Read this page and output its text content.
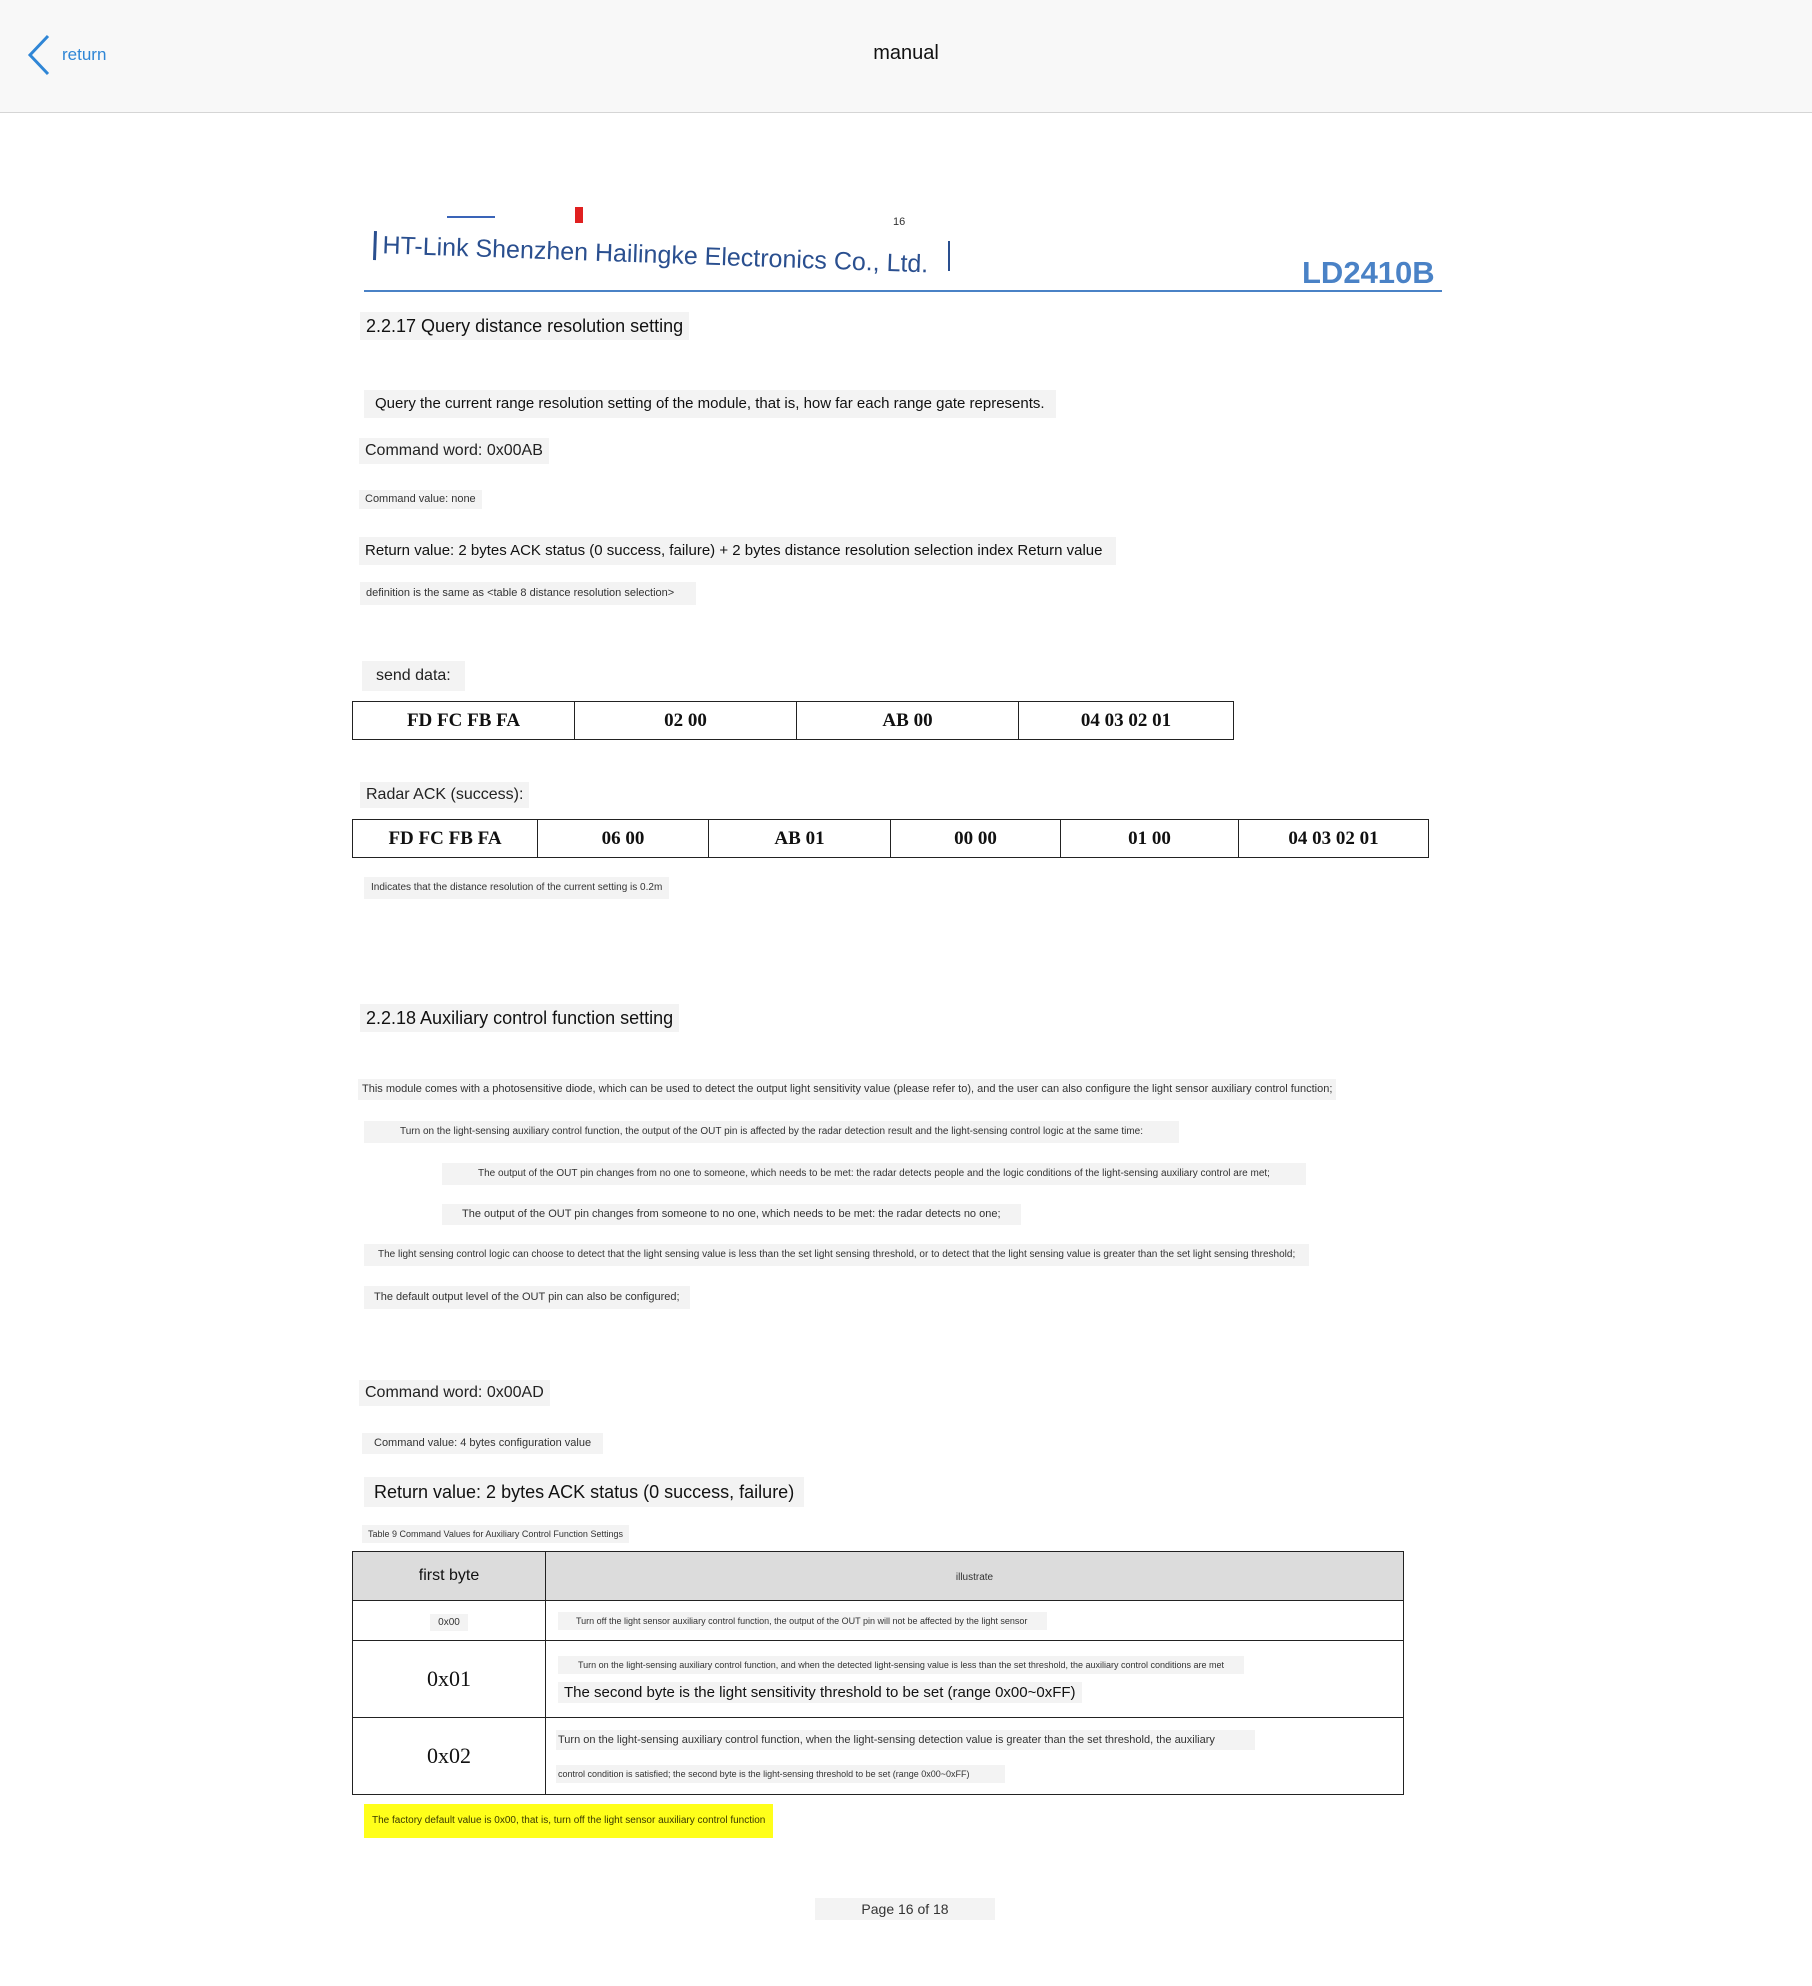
return	manual
16
HT-Link Shenzhen Hailingke Electronics Co., Ltd.	LD2410B
2.2.17 Query distance resolution setting
Query the current range resolution setting of the module, that is, how far each range gate represents.
Command word: 0x00AB
Command value: none
Return value: 2 bytes ACK status (0 success, failure) + 2 bytes distance resolution selection index Return value
definition is the same as <table 8 distance resolution selection>
send data:
FD FC FB FA	02 00	AB 00	04 03 02 01
Radar ACK (success):
FD FC FB FA	06 00	AB 01	00 00	01 00	04 03 02 01
Indicates that the distance resolution of the current setting is 0.2m
2.2.18 Auxiliary control function setting
This module comes with a photosensitive diode, which can be used to detect the output light sensitivity value (please refer to), and the user can also configure the light sensor auxiliary control function;
Turn on the light-sensing auxiliary control function, the output of the OUT pin is affected by the radar detection result and the light-sensing control logic at the same time:
The output of the OUT pin changes from no one to someone, which needs to be met: the radar detects people and the logic conditions of the light-sensing auxiliary control are met;
The output of the OUT pin changes from someone to no one, which needs to be met: the radar detects no one;
The light sensing control logic can choose to detect that the light sensing value is less than the set light sensing threshold, or to detect that the light sensing value is greater than the set light sensing threshold;
The default output level of the OUT pin can also be configured;
Command word: 0x00AD
Command value: 4 bytes configuration value
Return value: 2 bytes ACK status (0 success, failure)
Table 9 Command Values for Auxiliary Control Function Settings
first byte	illustrate
0x00	Turn off the light sensor auxiliary control function, the output of the OUT pin will not be affected by the light sensor
0x01	Turn on the light-sensing auxiliary control function, and when the detected light-sensing value is less than the set threshold, the auxiliary control conditions are met
The second byte is the light sensitivity threshold to be set (range 0x00~0xFF)
0x02	Turn on the light-sensing auxiliary control function, when the light-sensing detection value is greater than the set threshold, the auxiliary
control condition is satisfied; the second byte is the light-sensing threshold to be set (range 0x00~0xFF)
The factory default value is 0x00, that is, turn off the light sensor auxiliary control function
Page 16 of 18
